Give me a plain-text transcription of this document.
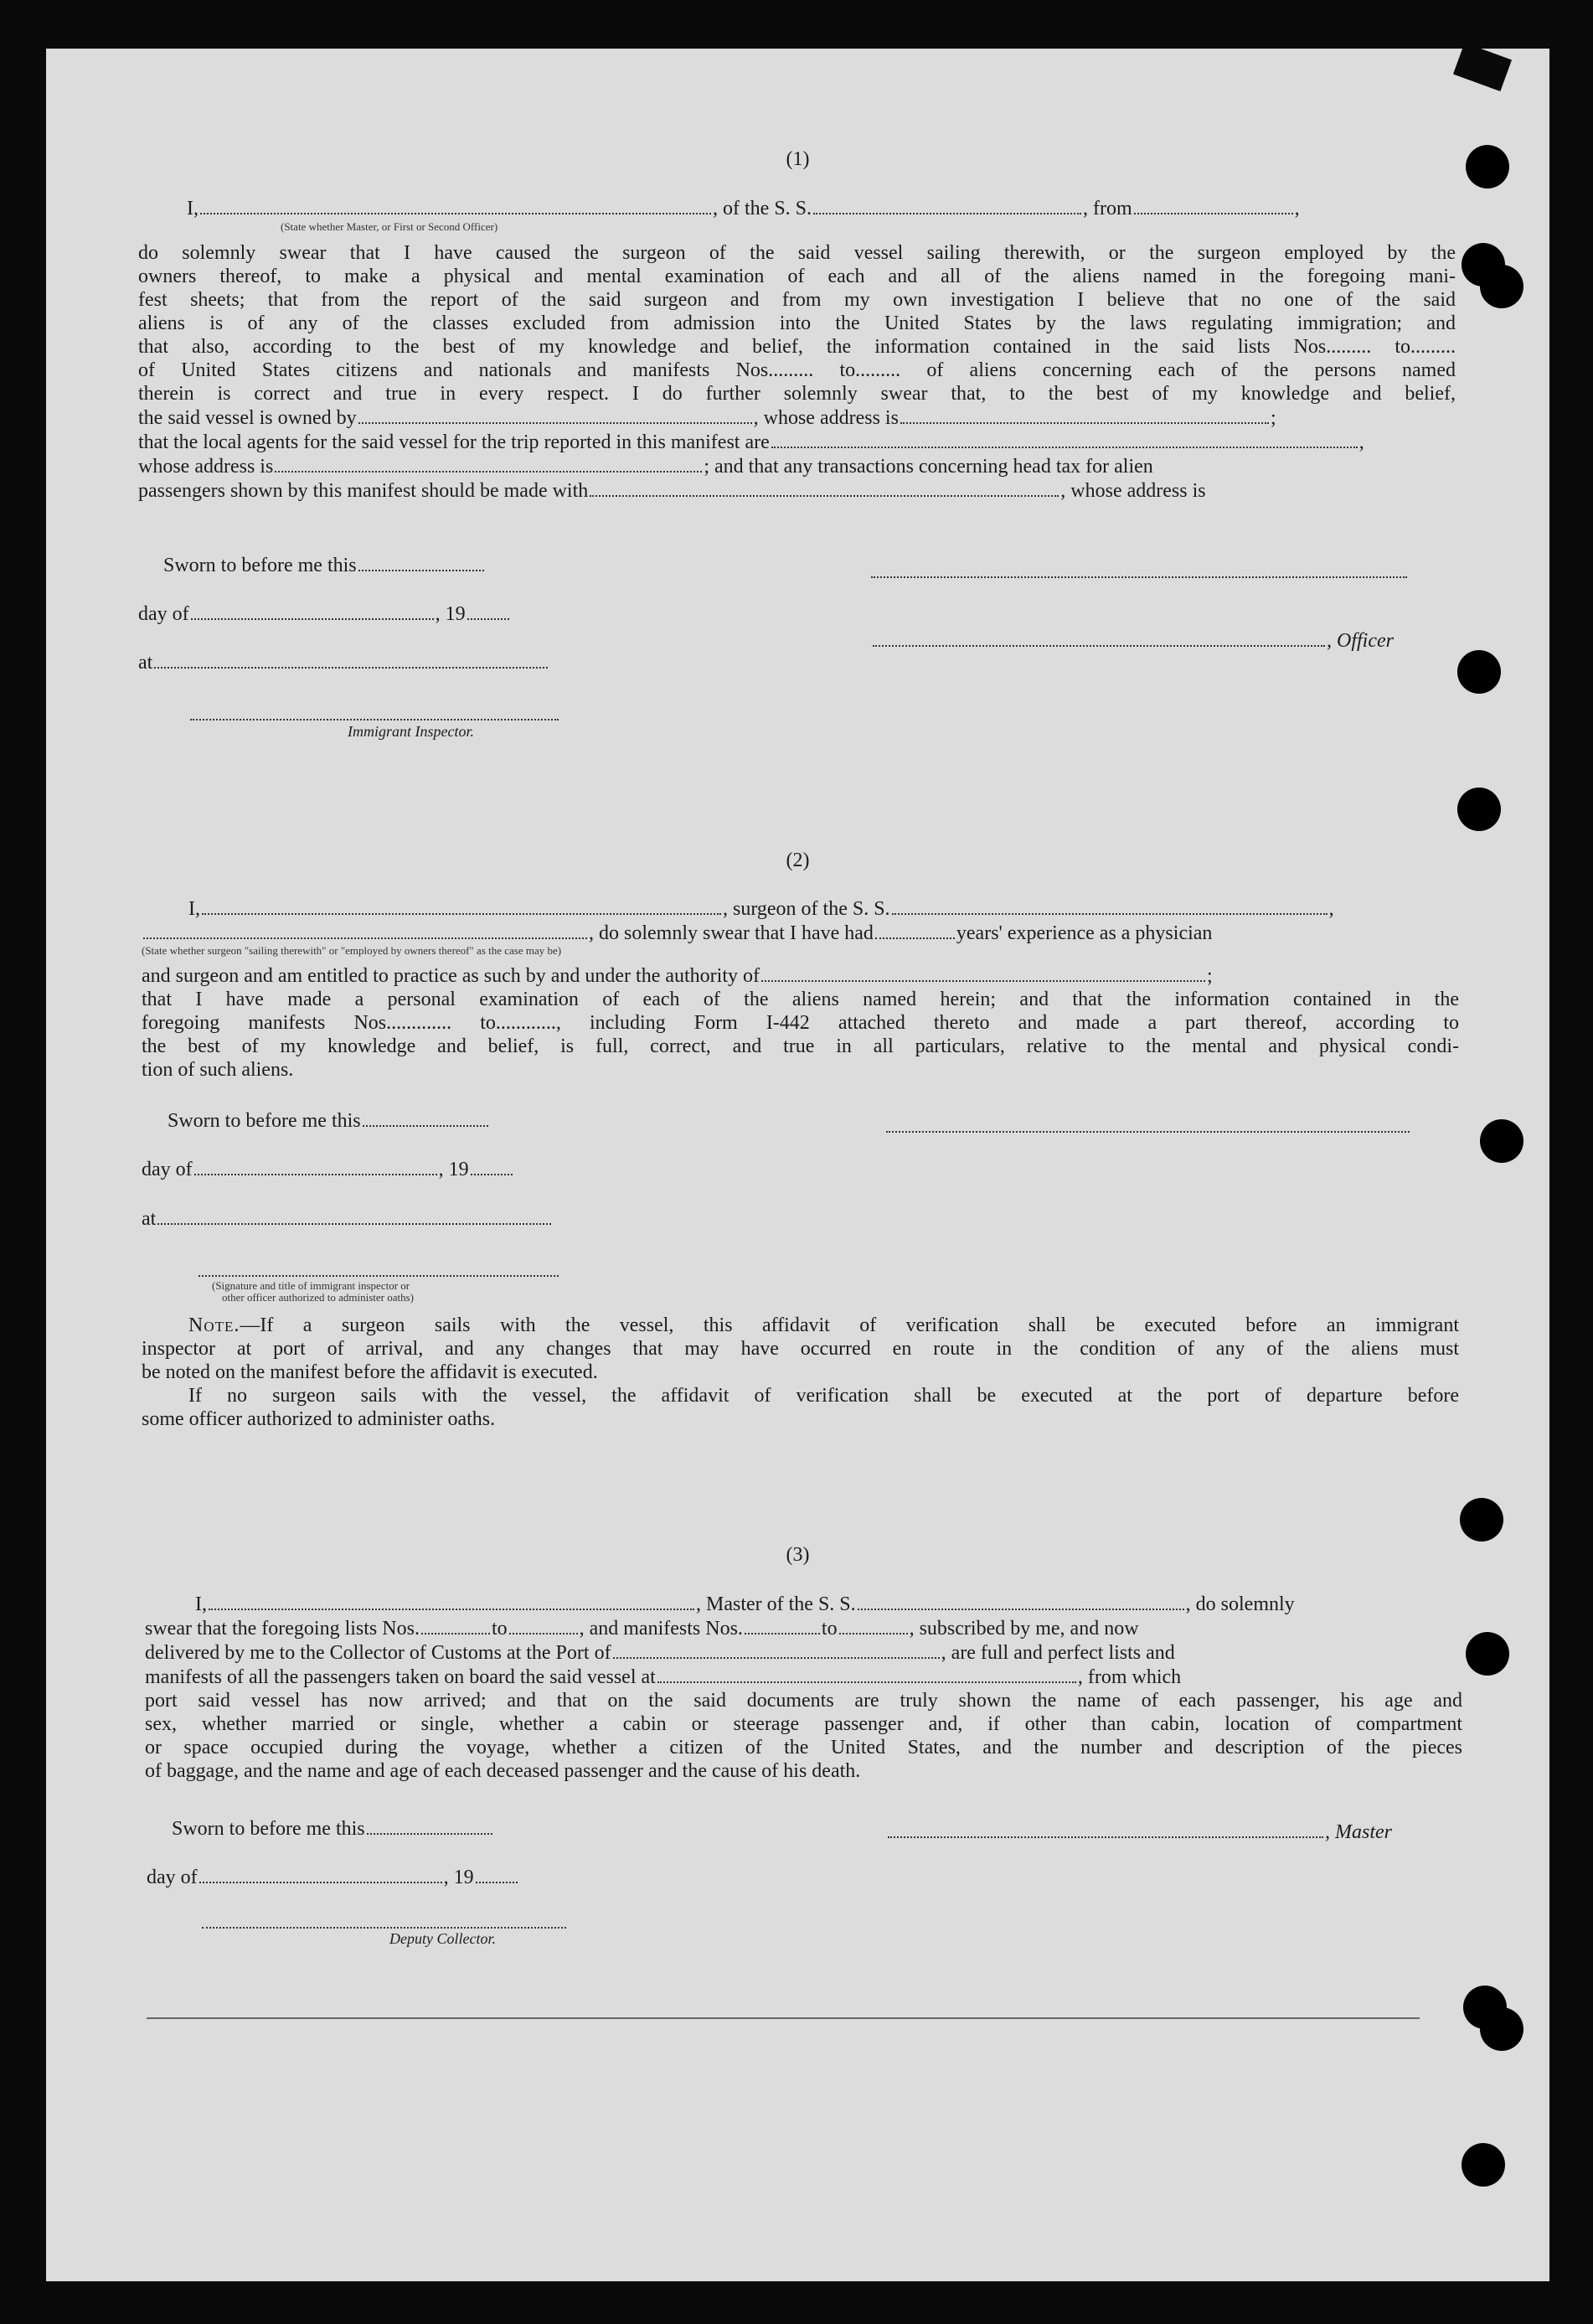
(1)
I,	, of the S. S.	, from	,
(State whether Master, or First or Second Officer)
do solemnly swear that I have caused the surgeon of the said vessel sailing therewith, or the surgeon employed by the
owners thereof, to make a physical and mental examination of each and all of the aliens named in the foregoing mani-
fest sheets; that from the report of the said surgeon and from my own investigation I believe that no one of the said
aliens is of any of the classes excluded from admission into the United States by the laws regulating immigration; and
that also, according to the best of my knowledge and belief, the information contained in the said lists Nos......... to.........
of United States citizens and nationals and manifests Nos......... to......... of aliens concerning each of the persons named
therein is correct and true in every respect. I do further solemnly swear that, to the best of my knowledge and belief,
the said vessel is owned by	, whose address is	;
that the local agents for the said vessel for the trip reported in this manifest are	,
whose address is	; and that any transactions concerning head tax for alien
passengers shown by this manifest should be made with	, whose address is
Sworn to before me this
day of	, 19
at
Immigrant Inspector.
, Officer
(2)
I,	, surgeon of the S. S.	,
, do solemnly swear that I have had	years' experience as a physician
(State whether surgeon "sailing therewith" or "employed by owners thereof" as the case may be)
and surgeon and am entitled to practice as such by and under the authority of	;
that I have made a personal examination of each of the aliens named herein; and that the information contained in the
foregoing manifests Nos............. to............, including Form I-442 attached thereto and made a part thereof, according to
the best of my knowledge and belief, is full, correct, and true in all particulars, relative to the mental and physical condi-
tion of such aliens.
Sworn to before me this
day of	, 19
at
(Signature and title of immigrant inspector or
other officer authorized to administer oaths)
Note.—If a surgeon sails with the vessel, this affidavit of verification shall be executed before an immigrant
inspector at port of arrival, and any changes that may have occurred en route in the condition of any of the aliens must
be noted on the manifest before the affidavit is executed.
If no surgeon sails with the vessel, the affidavit of verification shall be executed at the port of departure before
some officer authorized to administer oaths.
(3)
I,	, Master of the S. S.	, do solemnly
swear that the foregoing lists Nos.	to	, and manifests Nos.	to	, subscribed by me, and now
delivered by me to the Collector of Customs at the Port of	, are full and perfect lists and
manifests of all the passengers taken on board the said vessel at	, from which
port said vessel has now arrived; and that on the said documents are truly shown the name of each passenger, his age and
sex, whether married or single, whether a cabin or steerage passenger and, if other than cabin, location of compartment
or space occupied during the voyage, whether a citizen of the United States, and the number and description of the pieces
of baggage, and the name and age of each deceased passenger and the cause of his death.
Sworn to before me this
day of	, 19
Deputy Collector.
, Master
